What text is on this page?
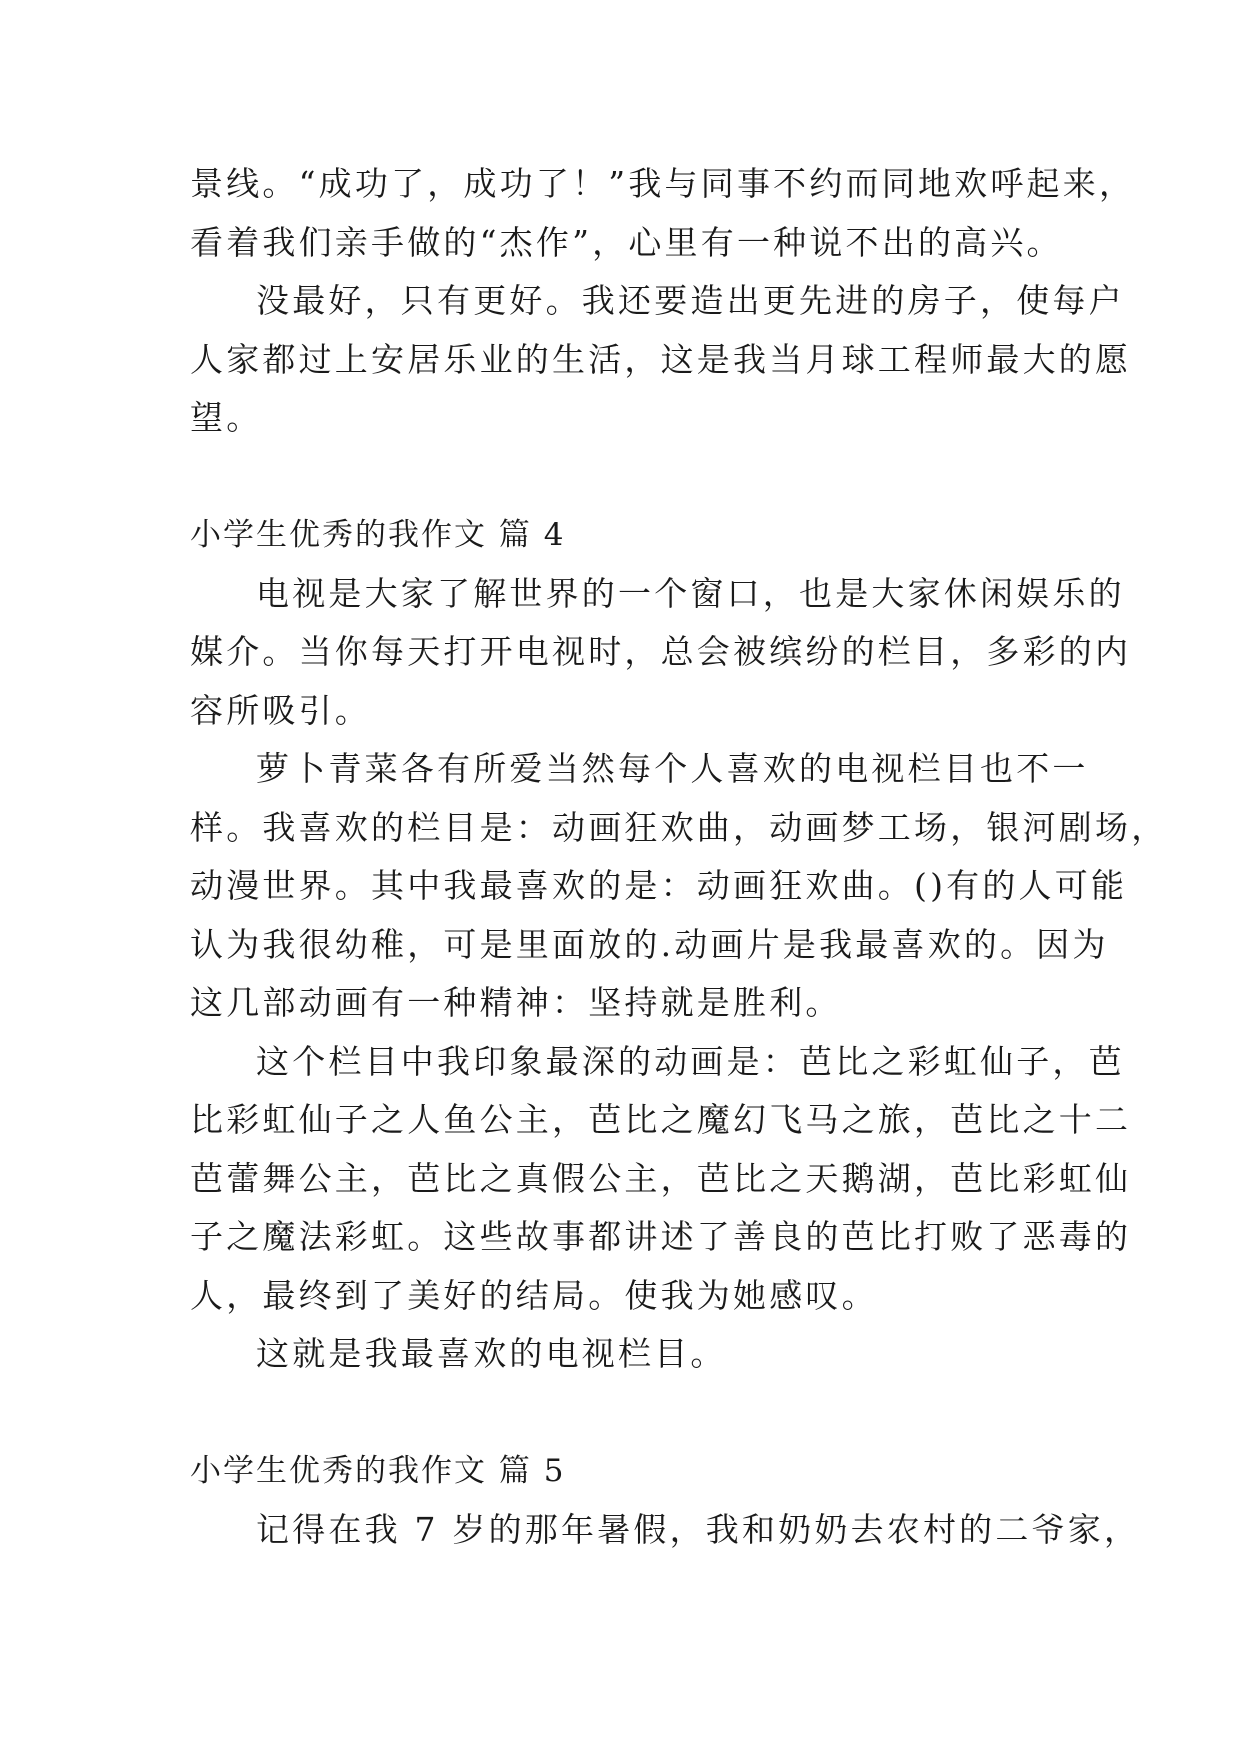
景线。“成功了，成功了！”我与同事不约而同地欢呼起来，
看着我们亲手做的“杰作”，心里有一种说不出的高兴。
没最好，只有更好。我还要造出更先进的房子，使每户
人家都过上安居乐业的生活，这是我当月球工程师最大的愿
望。
小学生优秀的我作文 篇 4
电视是大家了解世界的一个窗口，也是大家休闲娱乐的
媒介。当你每天打开电视时，总会被缤纷的栏目，多彩的内
容所吸引。
萝卜青菜各有所爱当然每个人喜欢的电视栏目也不一
样。我喜欢的栏目是：动画狂欢曲，动画梦工场，银河剧场，
动漫世界。其中我最喜欢的是：动画狂欢曲。()有的人可能
认为我很幼稚，可是里面放的.动画片是我最喜欢的。因为
这几部动画有一种精神：坚持就是胜利。
这个栏目中我印象最深的动画是：芭比之彩虹仙子，芭
比彩虹仙子之人鱼公主，芭比之魔幻飞马之旅，芭比之十二
芭蕾舞公主，芭比之真假公主，芭比之天鹅湖，芭比彩虹仙
子之魔法彩虹。这些故事都讲述了善良的芭比打败了恶毒的
人，最终到了美好的结局。使我为她感叹。
这就是我最喜欢的电视栏目。
小学生优秀的我作文 篇 5
记得在我 7 岁的那年暑假，我和奶奶去农村的二爷家，
